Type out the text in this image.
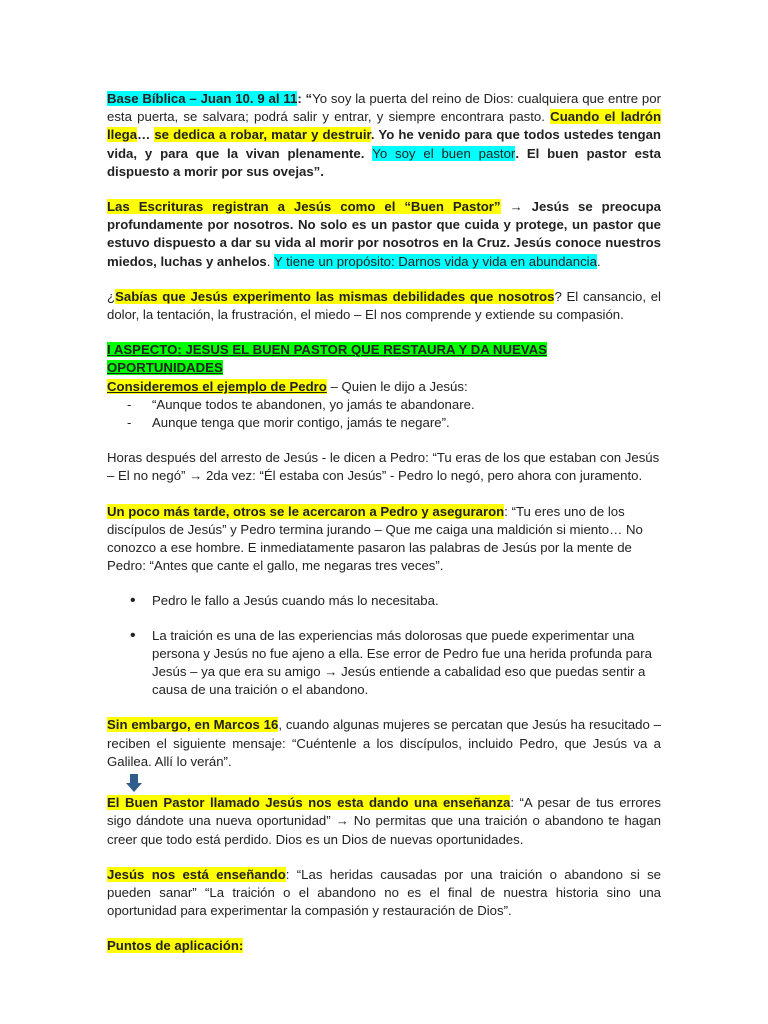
Base Bíblica – Juan 10. 9 al 11: “Yo soy la puerta del reino de Dios: cualquiera que entre por esta puerta, se salvara; podrá salir y entrar, y siempre encontrara pasto. Cuando el ladrón llega… se dedica a robar, matar y destruir. Yo he venido para que todos ustedes tengan vida, y para que la vivan plenamente. Yo soy el buen pastor. El buen pastor esta dispuesto a morir por sus ovejas”.

Las Escrituras registran a Jesús como el “Buen Pastor” → Jesús se preocupa profundamente por nosotros. No solo es un pastor que cuida y protege, un pastor que estuvo dispuesto a dar su vida al morir por nosotros en la Cruz. Jesús conoce nuestros miedos, luchas y anhelos. Y tiene un propósito: Darnos vida y vida en abundancia.

¿Sabías que Jesús experimento las mismas debilidades que nosotros? El cansancio, el dolor, la tentación, la frustración, el miedo – El nos comprende y extiende su compasión.

I ASPECTO: JESUS EL BUEN PASTOR QUE RESTAURA Y DA NUEVAS OPORTUNIDADES

Consideremos el ejemplo de Pedro – Quien le dijo a Jesús:

- “Aunque todos te abandonen, yo jamás te abandonare.
- Aunque tenga que morir contigo, jamás te negare”.

Horas después del arresto de Jesús - le dicen a Pedro: “Tu eras de los que estaban con Jesús – El no negó” → 2da vez: “Él estaba con Jesús” - Pedro lo negó, pero ahora con juramento.

Un poco más tarde, otros se le acercaron a Pedro y aseguraron: “Tu eres uno de los discípulos de Jesús” y Pedro termina jurando – Que me caiga una maldición si miento… No conozco a ese hombre. E inmediatamente pasaron las palabras de Jesús por la mente de Pedro: “Antes que cante el gallo, me negaras tres veces”.

• Pedro le fallo a Jesús cuando más lo necesitaba.
• La traición es una de las experiencias más dolorosas que puede experimentar una persona y Jesús no fue ajeno a ella. Ese error de Pedro fue una herida profunda para Jesús – ya que era su amigo → Jesús entiende a cabalidad eso que puedas sentir a causa de una traición o el abandono.

Sin embargo, en Marcos 16, cuando algunas mujeres se percatan que Jesús ha resucitado – reciben el siguiente mensaje: “Cuéntenle a los discípulos, incluido Pedro, que Jesús va a Galilea. Allí lo verán”.

El Buen Pastor llamado Jesús nos esta dando una enseñanza: “A pesar de tus errores sigo dándote una nueva oportunidad” → No permitas que una traición o abandono te hagan creer que todo está perdido. Dios es un Dios de nuevas oportunidades.

Jesús nos está enseñando: “Las heridas causadas por una traición o abandono si se pueden sanar” “La traición o el abandono no es el final de nuestra historia sino una oportunidad para experimentar la compasión y restauración de Dios”.

Puntos de aplicación:
